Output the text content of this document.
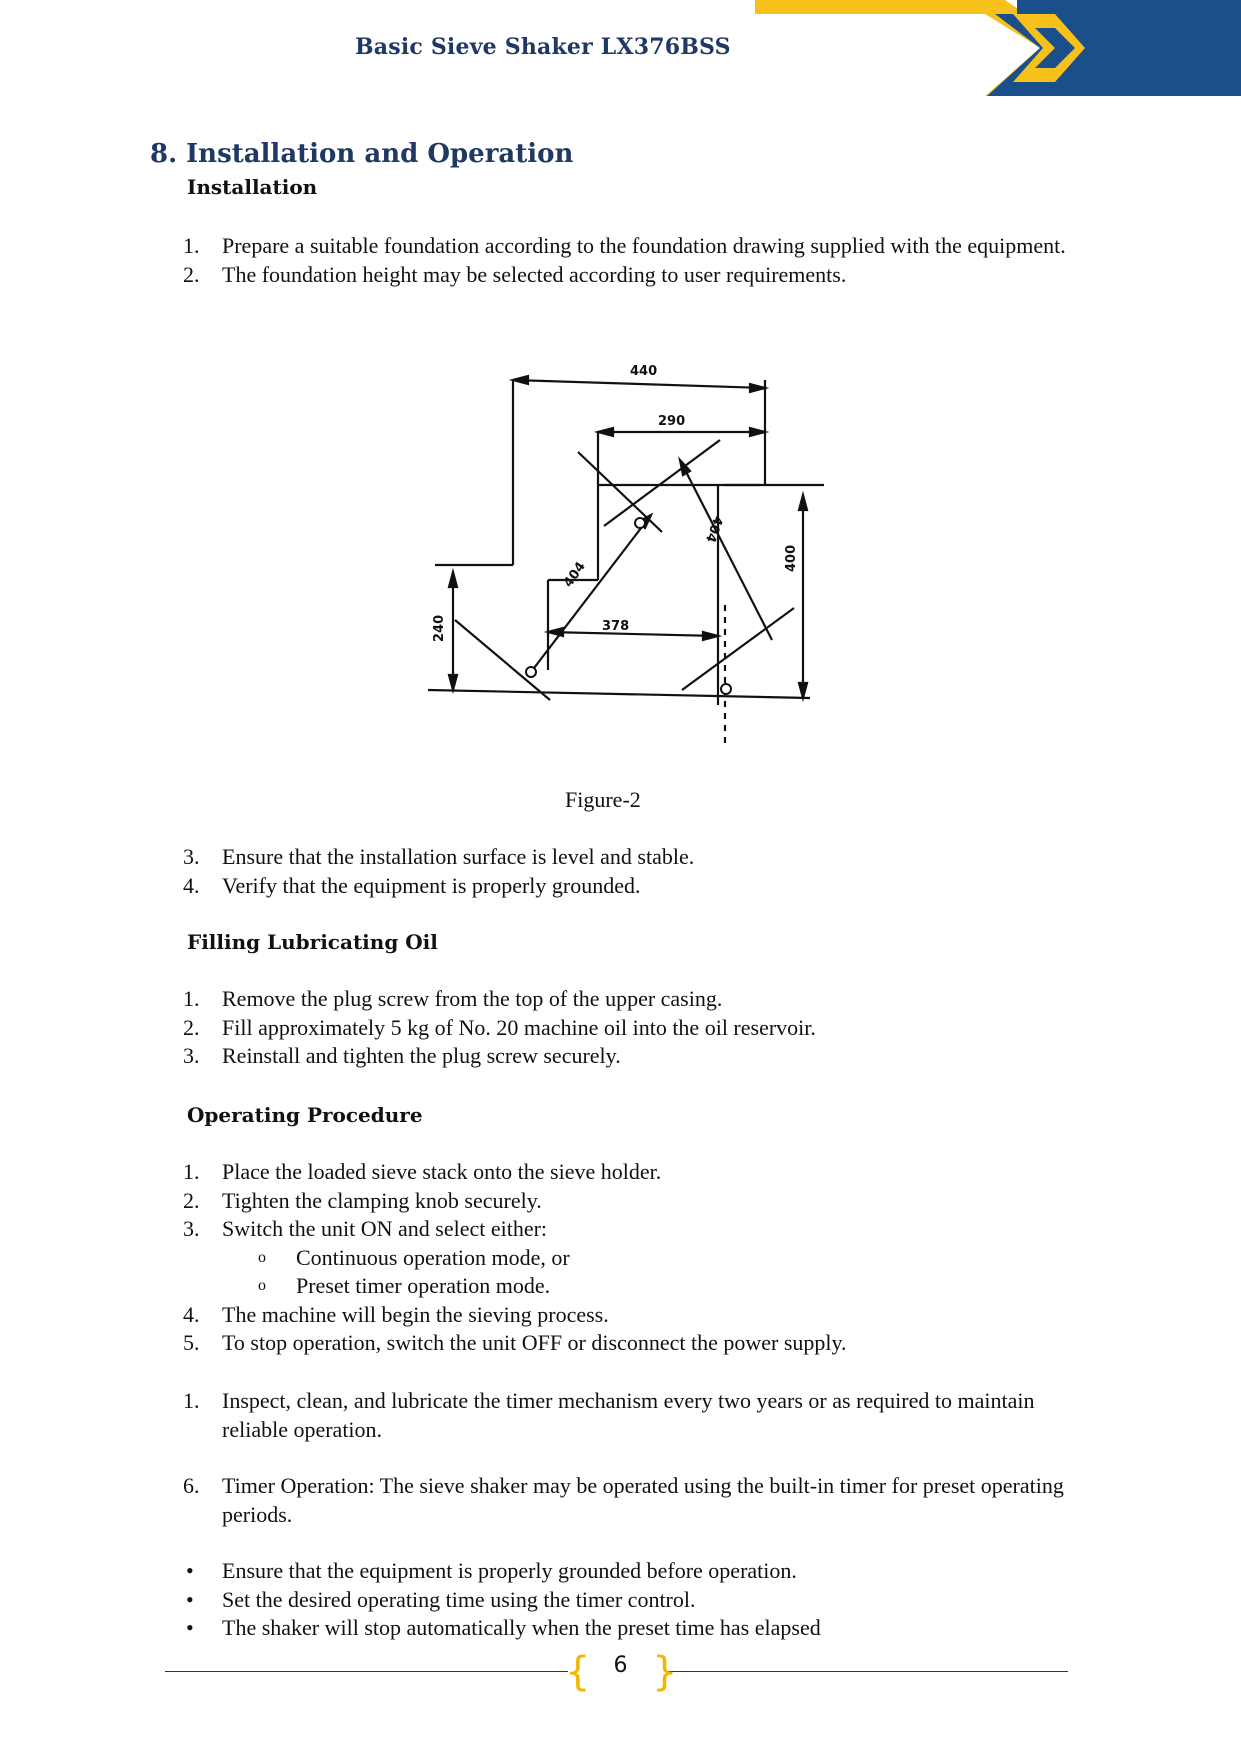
Basic Sieve Shaker LX376BSS
8. Installation and Operation
Installation
1. Prepare a suitable foundation according to the foundation drawing supplied with the equipment.
2. The foundation height may be selected according to user requirements.
440
290
404
404
400
378
240
Figure-2
3. Ensure that the installation surface is level and stable.
4. Verify that the equipment is properly grounded.
Filling Lubricating Oil
1. Remove the plug screw from the top of the upper casing.
2. Fill approximately 5 kg of No. 20 machine oil into the oil reservoir.
3. Reinstall and tighten the plug screw securely.
Operating Procedure
1. Place the loaded sieve stack onto the sieve holder.
2. Tighten the clamping knob securely.
3. Switch the unit ON and select either:
o Continuous operation mode, or
o Preset timer operation mode.
4. The machine will begin the sieving process.
5. To stop operation, switch the unit OFF or disconnect the power supply.
1. Inspect, clean, and lubricate the timer mechanism every two years or as required to maintain reliable operation.
6. Timer Operation: The sieve shaker may be operated using the built-in timer for preset operating periods.
• Ensure that the equipment is properly grounded before operation.
• Set the desired operating time using the timer control.
• The shaker will stop automatically when the preset time has elapsed
{ }
6
